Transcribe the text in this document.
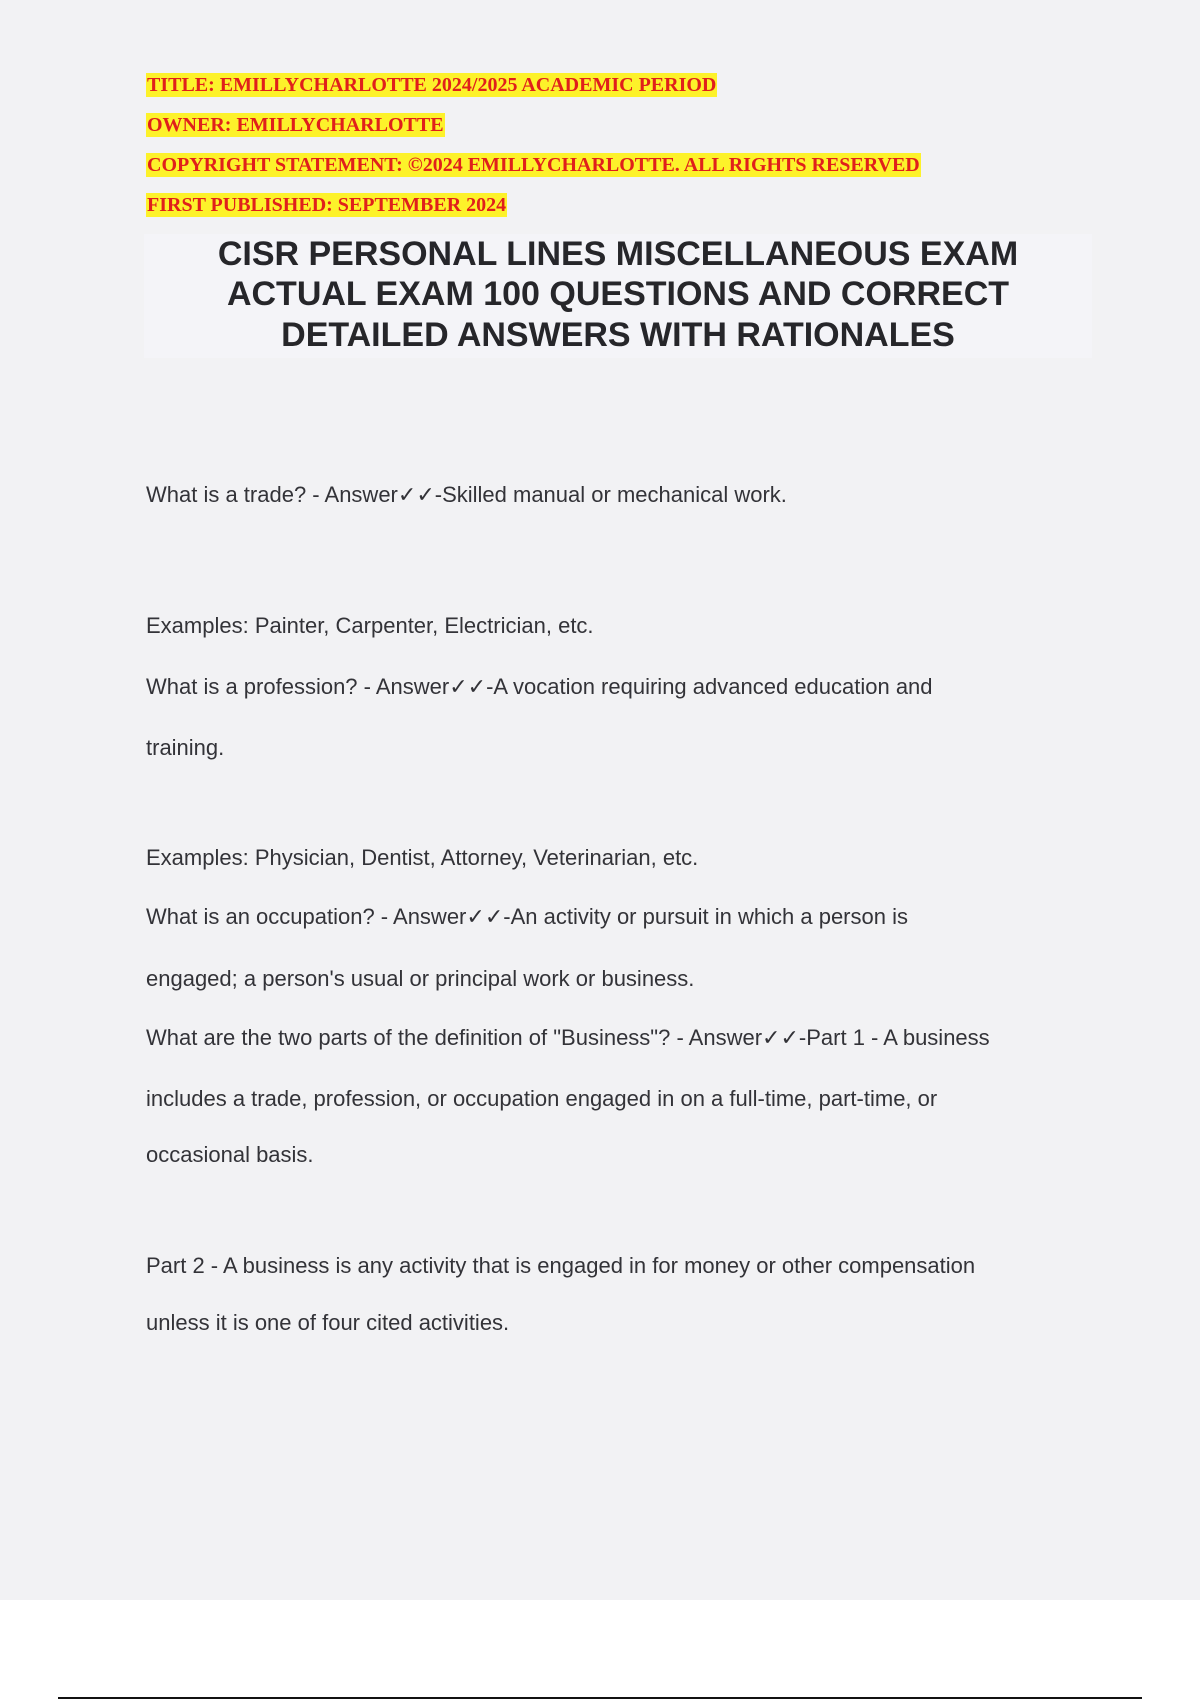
TITLE: EMILLYCHARLOTTE 2024/2025 ACADEMIC PERIOD
OWNER: EMILLYCHARLOTTE
COPYRIGHT STATEMENT: ©2024 EMILLYCHARLOTTE. ALL RIGHTS RESERVED
FIRST PUBLISHED: SEPTEMBER 2024
CISR PERSONAL LINES MISCELLANEOUS EXAM
ACTUAL EXAM 100 QUESTIONS AND CORRECT
DETAILED ANSWERS WITH RATIONALES
What is a trade? - Answer✓✓-Skilled manual or mechanical work.
Examples: Painter, Carpenter, Electrician, etc.
What is a profession? - Answer✓✓-A vocation requiring advanced education and
training.
Examples: Physician, Dentist, Attorney, Veterinarian, etc.
What is an occupation? - Answer✓✓-An activity or pursuit in which a person is
engaged; a person's usual or principal work or business.
What are the two parts of the definition of "Business"? - Answer✓✓-Part 1 - A business
includes a trade, profession, or occupation engaged in on a full-time, part-time, or
occasional basis.
Part 2 - A business is any activity that is engaged in for money or other compensation
unless it is one of four cited activities.
